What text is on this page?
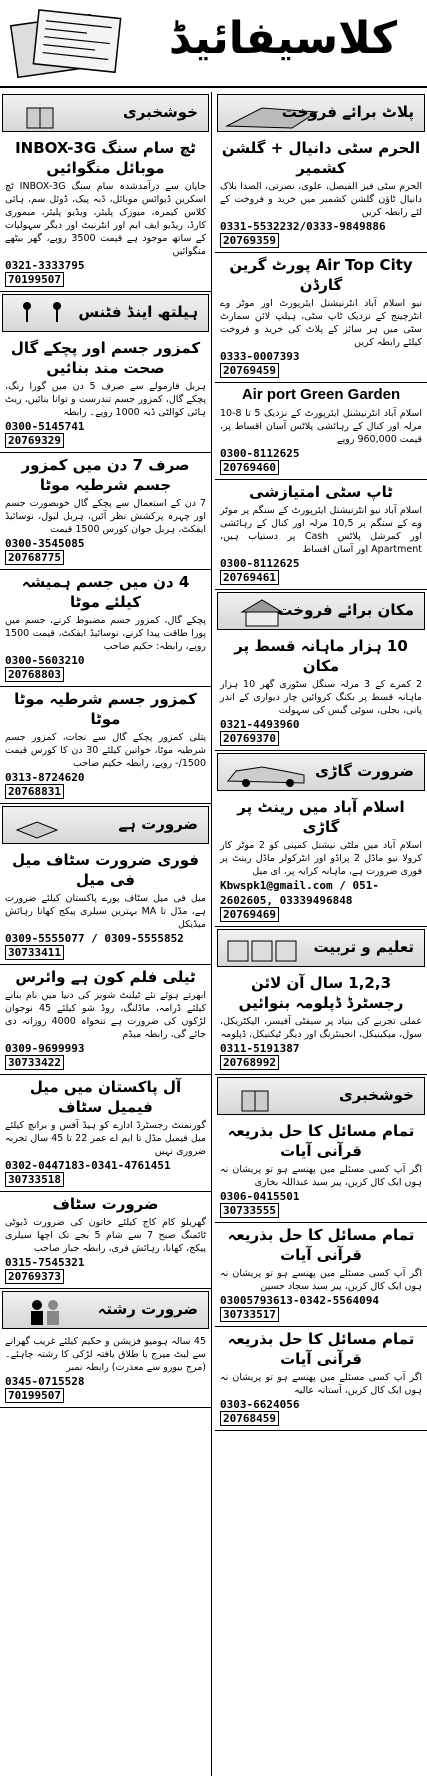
کلاسیفائیڈ
پلاٹ برائے فروخت
الحرم سٹی دانیال + گلشن کشمیر
الحرم سٹی فیز الفیصل، علوی، نصرتی، الصدا بلاک دانیال ٹاؤن گلشن کشمیر میں خرید و فروخت کے لئے رابطہ کریں
0331-5532232/0333-9849886
20769359
Air Top City پورٹ گرین گارڈن
نیو اسلام آباد انٹرنیشنل ایئرپورٹ اور موٹر وے انٹرچینج کے نزدیک ٹاپ سٹی، ہیلپ لائن سمارٹ سٹی میں ہر سائز کے پلاٹ کی خرید و فروخت کیلئے رابطہ کریں
0333-0007393
20769459
Air port Green Garden
اسلام آباد انٹرنیشنل ایئرپورٹ کے نزدیک 5 تا 8-10 مرلہ اور کنال کے رہائشی پلاٹس آسان اقساط پر، قیمت 960,000 روپے
0300-8112625
20769460
ٹاپ سٹی امتیازشی
اسلام آباد نیو انٹرنیشنل ایئرپورٹ کے سنگم پر موٹر وے کے سنگم پر 10,5 مرلہ اور کنال کے رہائشی اور کمرشل پلاٹس Cash پر دستیاب ہیں، Apartment اور آسان اقساط
0300-8112625
20769461
مکان برائے فروخت
10 ہزار ماہانہ قسط پر مکان
2 کمرے کے 3 مرلہ سنگل سٹوری گھر 10 ہزار ماہانہ قسط پر بکنگ کروائیں چار دیواری کے اندر پانی، بجلی، سوئی گیس کی سہولت
0321-4493960
20769370
ضرورت گاڑی
اسلام آباد میں رینٹ پر گاڑی
اسلام آباد میں ملٹی نیشنل کمپنی کو 2 موٹر کار کرولا نیو ماڈل 2 پراڈو اور انٹرکولر ماڈل رینٹ پر فوری ضرورت ہے، ماہانہ کرایہ پر، ای میل
Kbwspk1@gmail.com / 051-2602605, 03339496848
20769469
تعلیم و تربیت
1,2,3 سال آن لائن رجسٹرڈ ڈپلومہ بنوائیں
عملی تجربے کی بنیاد پر سیفٹی آفیسر، الیکٹریکل، سول، میکینیکل، انجینئرنگ اور دیگر ٹیکنیکل، ڈپلومہ
0311-5191387
20768992
خوشخبری
تمام مسائل کا حل بذریعہ قرآنی آیات
اگر آپ کسی مسئلے میں پھنسے ہو تو پریشان نہ ہوں ایک کال کریں، پیر سید عبداللہ بخاری
0306-0415501
30733555
تمام مسائل کا حل بذریعہ قرآنی آیات
اگر آپ کسی مسئلے میں پھنسے ہو تو پریشان نہ ہوں ایک کال کریں، پیر سید سجاد حسین
03005793613-0342-5564094
30733517
تمام مسائل کا حل بذریعہ قرآنی آیات
اگر آپ کسی مسئلے میں پھنسے ہو تو پریشان نہ ہوں ایک کال کریں، آستانہ عالیہ
0303-6624056
20768459
خوشخبری
ٹچ سام سنگ INBOX-3G موبائل منگوائیں
جاپان سے درآمدشدہ سام سنگ INBOX-3G ٹچ اسکرین ڈیوائس موبائل، ڈبہ پیک، ڈوئل سم، ہائی کلاس کیمرہ، میوزک پلیئر، ویڈیو پلیئر، میموری کارڈ، ریڈیو ایف ایم اور انٹرنیٹ اور دیگر سہولیات کے ساتھ موجود ہے قیمت 3500 روپے، گھر بیٹھے منگوائیں
0321-3333795
70199507
ہیلتھ اینڈ فٹنس
کمزور جسم اور پچکے گال صحت مند بنائیں
ہربل فارمولے سے صرف 5 دن میں گورا رنگ، پچکے گال، کمزور جسم تندرست و توانا بنائیں، ریٹ ہائی کوالٹی ڈبہ 1000 روپے۔ رابطہ
0300-5145741
20769329
صرف 7 دن میں کمزور جسم شرطیہ موٹا
7 دن کے استعمال سے پچکے گال خوبصورت جسم اور چہرہ پرکشش نظر آئیں، ہربل لیول، نوسائیڈ ایفکٹ، ہربل جوان کورس 1500 قیمت
0300-3545085
20768775
4 دن میں جسم ہمیشہ کیلئے موٹا
پچکے گال، کمزور جسم مضبوط کرنے، جسم میں پورا طاقت پیدا کرنے، نوسائیڈ ایفکٹ، قیمت 1500 روپے، رابطہ: حکیم صاحب
0300-5603210
20768803
کمزور جسم شرطیہ موٹا موٹا
پتلی کمزور پچکے گال سے نجات، کمزور جسم شرطیہ موٹا، خواتین کیلئے 30 دن کا کورس قیمت 1500/- روپے، رابطہ حکیم صاحب
0313-8724620
20768831
ضرورت ہے
فوری ضرورت سٹاف میل فی میل
میل فی میل سٹاف پورے پاکستان کیلئے ضرورت ہے، مڈل تا MA بہترین سیلری پیکج کھانا رہائش میڈیکل
0309-5555077 / 0309-5555852
30733411
ٹیلی فلم کون ہے وائرس
ابھرتے ہوئے نئے ٹیلنٹ شوبز کی دنیا میں نام بنانے کیلئے ڈرامہ، ماڈلنگ، روڈ شو کیلئے 45 نوجوان لڑکوں کی ضرورت ہے تنخواہ 4000 روزانہ دی جائے گی، رابطہ میڈم
0309-9699993
30733422
آل پاکستان میں میل فیمیل سٹاف
گورنمنٹ رجسٹرڈ ادارے کو ہیڈ آفس و برانچ کیلئے میل فیمیل مڈل تا ایم اے عمر 22 تا 45 سال تجربہ ضروری نہیں
0302-0447183-0341-4761451
30733518
ضرورت سٹاف
گھریلو کام کاج کیلئے خاتون کی ضرورت ڈیوٹی ٹائمنگ صبح 7 سے شام 5 بجے تک اچھا سیلری پیکج، کھانا، رہائش فری، رابطہ جبار صاحب
0315-7545321
20769373
ضرورت رشتہ
45 سالہ ہومیو فزیشن و حکیم کیلئے غریب گھرانے سے لیٹ میرج یا طلاق یافتہ لڑکی کا رشتہ چاہئے۔ (مرج بیورو سے معذرت) رابطہ نمبر
0345-0715528
70199507
